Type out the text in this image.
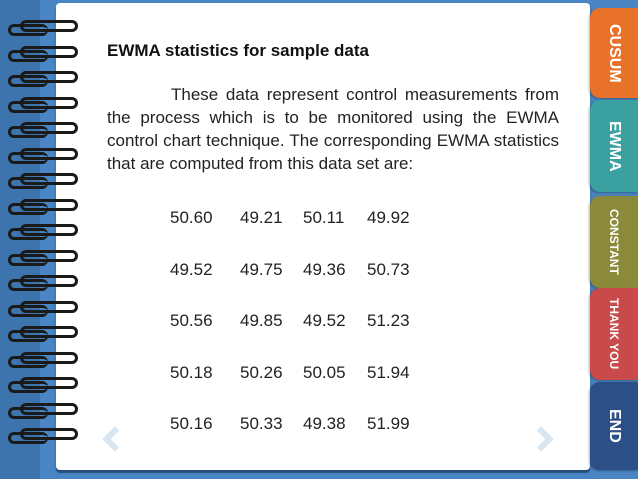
CUSUM
EWMA
CONSTANT
THANK YOU
END
EWMA statistics for sample data
These data represent control measurements from the process which is to be monitored using the EWMA control chart technique. The corresponding EWMA statistics that are computed from this data set are:
50.60 49.21 50.11 49.92
49.52 49.75 49.36 50.73
50.56 49.85 49.52 51.23
50.18 50.26 50.05 51.94
50.16 50.33 49.38 51.99
